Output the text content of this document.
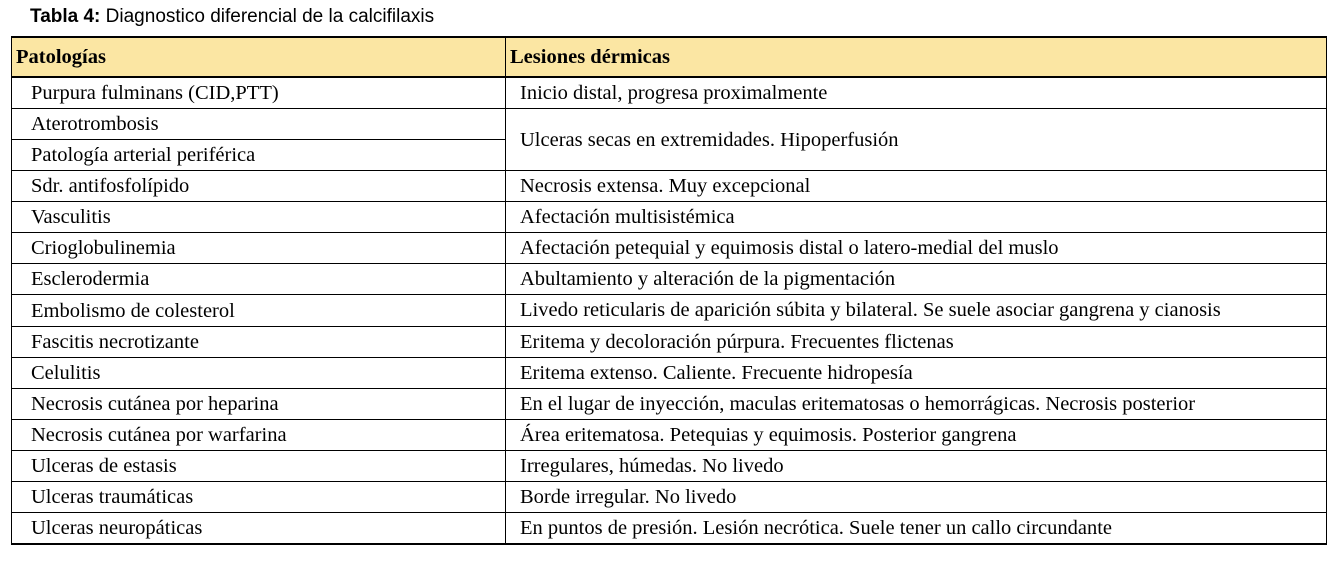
Tabla 4: Diagnostico diferencial de la calcifilaxis
Patologías	Lesiones dérmicas
Purpura fulminans (CID,PTT)	Inicio distal, progresa proximalmente
Aterotrombosis	Ulceras secas en extremidades. Hipoperfusión
Patología arterial periférica	
Sdr. antifosfolípido	Necrosis extensa. Muy excepcional
Vasculitis	Afectación multisistémica
Crioglobulinemia	Afectación petequial y equimosis distal o latero-medial del muslo
Esclerodermia	Abultamiento y alteración de la pigmentación
Embolismo de colesterol	Livedo reticularis de aparición súbita y bilateral. Se suele asociar gangrena y cianosis
Fascitis necrotizante	Eritema y decoloración púrpura. Frecuentes flictenas
Celulitis	Eritema extenso. Caliente. Frecuente hidropesía
Necrosis cutánea por heparina	En el lugar de inyección, maculas eritematosas o hemorrágicas. Necrosis posterior
Necrosis cutánea por warfarina	Área eritematosa. Petequias y equimosis. Posterior gangrena
Ulceras de estasis	Irregulares, húmedas. No livedo
Ulceras traumáticas	Borde irregular. No livedo
Ulceras neuropáticas	En puntos de presión. Lesión necrótica. Suele tener un callo circundante
